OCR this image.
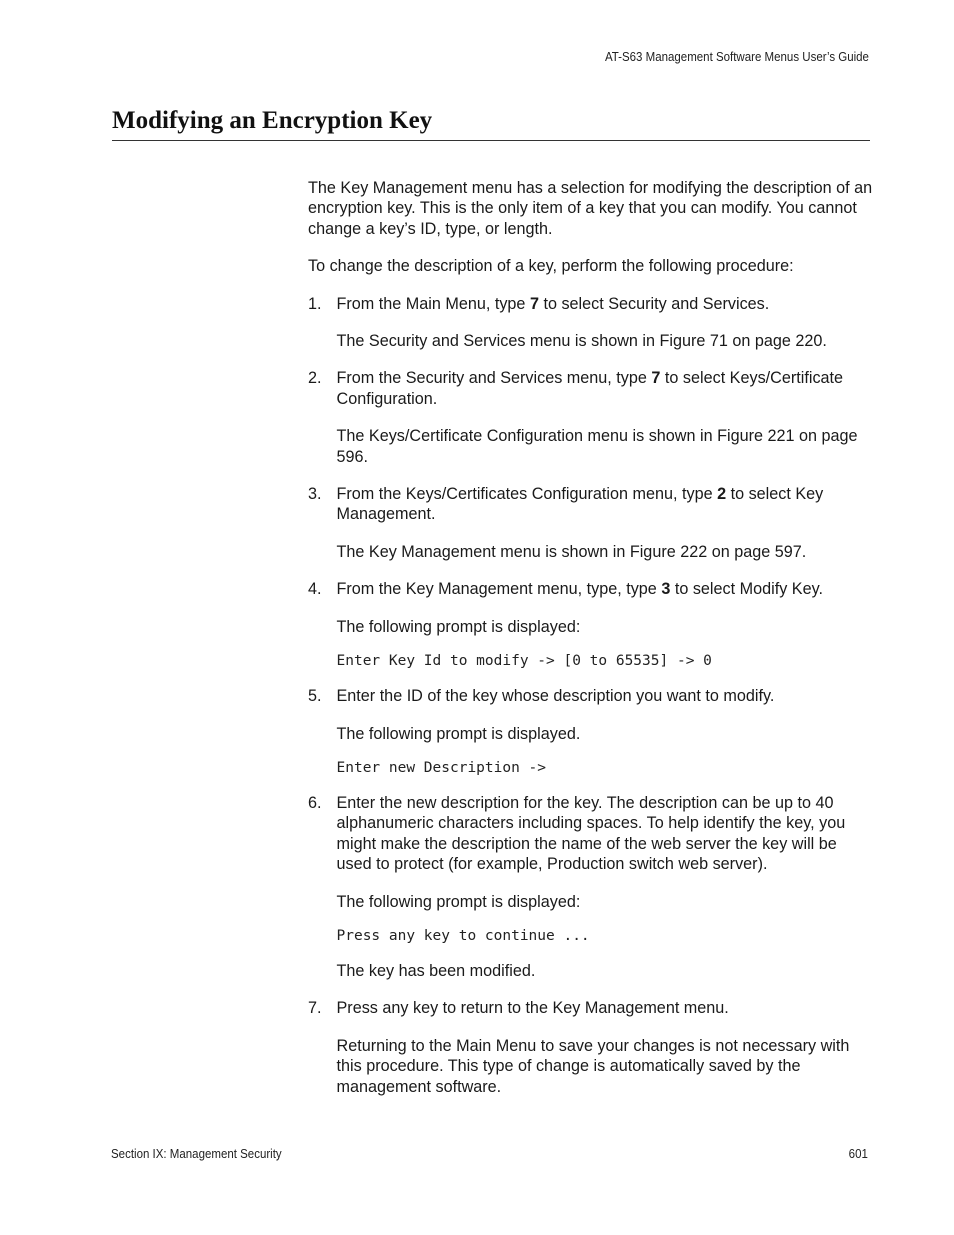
AT-S63 Management Software Menus User’s Guide
Modifying an Encryption Key

The Key Management menu has a selection for modifying the description of an encryption key. This is the only item of a key that you can modify. You cannot change a key’s ID, type, or length.

To change the description of a key, perform the following procedure:

1. From the Main Menu, type 7 to select Security and Services.

The Security and Services menu is shown in Figure 71 on page 220.

2. From the Security and Services menu, type 7 to select Keys/Certificate Configuration.

The Keys/Certificate Configuration menu is shown in Figure 221 on page 596.

3. From the Keys/Certificates Configuration menu, type 2 to select Key Management.

The Key Management menu is shown in Figure 222 on page 597.

4. From the Key Management menu, type, type 3 to select Modify Key.

The following prompt is displayed:

Enter Key Id to modify -> [0 to 65535] -> 0
5. Enter the ID of the key whose description you want to modify.

The following prompt is displayed.

Enter new Description ->
6. Enter the new description for the key. The description can be up to 40 alphanumeric characters including spaces. To help identify the key, you might make the description the name of the web server the key will be used to protect (for example, Production switch web server).

The following prompt is displayed:

Press any key to continue ...

The key has been modified.

7. Press any key to return to the Key Management menu.

Returning to the Main Menu to save your changes is not necessary with this procedure. This type of change is automatically saved by the management software.

Section IX: Management Security	601
